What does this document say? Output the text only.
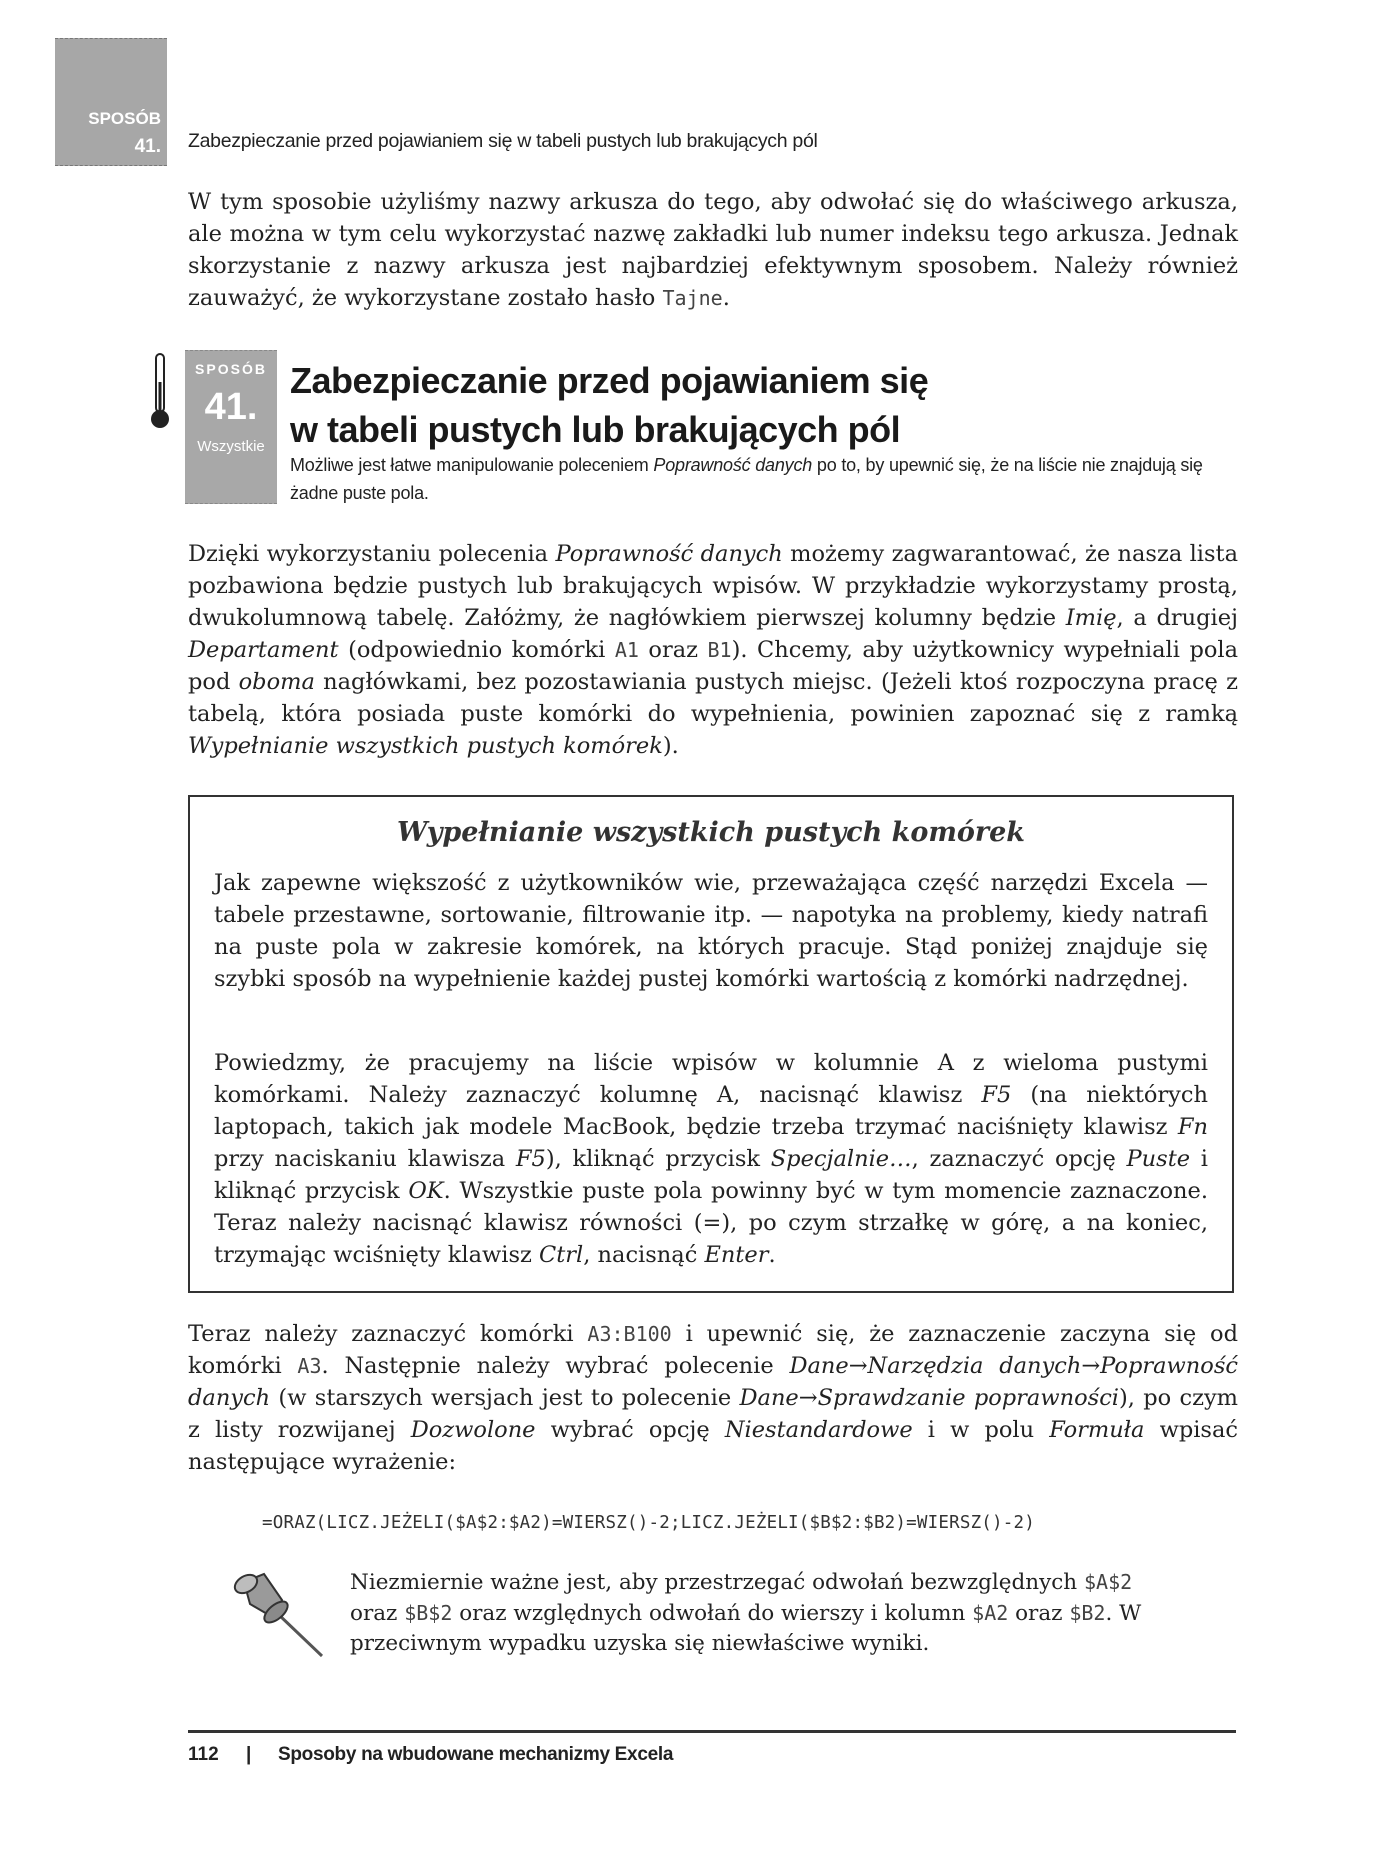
SPOSÓB
41. Zabezpieczanie przed pojawianiem się w tabeli pustych lub brakujących pól

W tym sposobie użyliśmy nazwy arkusza do tego, aby odwołać się do właściwego arkusza, ale można w tym celu wykorzystać nazwę zakładki lub numer indeksu tego arkusza. Jednak skorzystanie z nazwy arkusza jest najbardziej efektywnym sposobem. Należy również zauważyć, że wykorzystane zostało hasło Tajne.

SPOSÓB
41.
Wszystkie
Zabezpieczanie przed pojawianiem się
w tabeli pustych lub brakujących pól

Możliwe jest łatwe manipulowanie poleceniem Poprawność danych po to, by upewnić się, że na liście nie znajdują się żadne puste pola.

Dzięki wykorzystaniu polecenia Poprawność danych możemy zagwarantować, że nasza lista pozbawiona będzie pustych lub brakujących wpisów. W przykładzie wykorzystamy prostą, dwukolumnową tabelę. Załóżmy, że nagłówkiem pierwszej kolumny będzie Imię, a drugiej Departament (odpowiednio komórki A1 oraz B1). Chcemy, aby użytkownicy wypełniali pola pod oboma nagłówkami, bez pozostawiania pustych miejsc. (Jeżeli ktoś rozpoczyna pracę z tabelą, która posiada puste komórki do wypełnienia, powinien zapoznać się z ramką Wypełnianie wszystkich pustych komórek).

Wypełnianie wszystkich pustych komórek

Jak zapewne większość z użytkowników wie, przeważająca część narzędzi Excela — tabele przestawne, sortowanie, filtrowanie itp. — napotyka na problemy, kiedy natrafi na puste pola w zakresie komórek, na których pracuje. Stąd poniżej znajduje się szybki sposób na wypełnienie każdej pustej komórki wartością z komórki nadrzędnej.

Powiedzmy, że pracujemy na liście wpisów w kolumnie A z wieloma pustymi komórkami. Należy zaznaczyć kolumnę A, nacisnąć klawisz F5 (na niektórych laptopach, takich jak modele MacBook, będzie trzeba trzymać naciśnięty klawisz Fn przy naciskaniu klawisza F5), kliknąć przycisk Specjalnie…, zaznaczyć opcję Puste i kliknąć przycisk OK. Wszystkie puste pola powinny być w tym momencie zaznaczone. Teraz należy nacisnąć klawisz równości (=), po czym strzałkę w górę, a na koniec, trzymając wciśnięty klawisz Ctrl, nacisnąć Enter.

Teraz należy zaznaczyć komórki A3:B100 i upewnić się, że zaznaczenie zaczyna się od komórki A3. Następnie należy wybrać polecenie Dane→Narzędzia danych→Poprawność danych (w starszych wersjach jest to polecenie Dane→Sprawdzanie poprawności), po czym z listy rozwijanej Dozwolone wybrać opcję Niestandardowe i w polu Formuła wpisać następujące wyrażenie:

=ORAZ(LICZ.JEŻELI($A$2:$A2)=WIERSZ()-2;LICZ.JEŻELI($B$2:$B2)=WIERSZ()-2)

Niezmiernie ważne jest, aby przestrzegać odwołań bezwzględnych $A$2
oraz $B$2 oraz względnych odwołań do wierszy i kolumn $A2 oraz $B2. W przeciwnym wypadku uzyska się niewłaściwe wyniki.

112 | Sposoby na wbudowane mechanizmy Excela
